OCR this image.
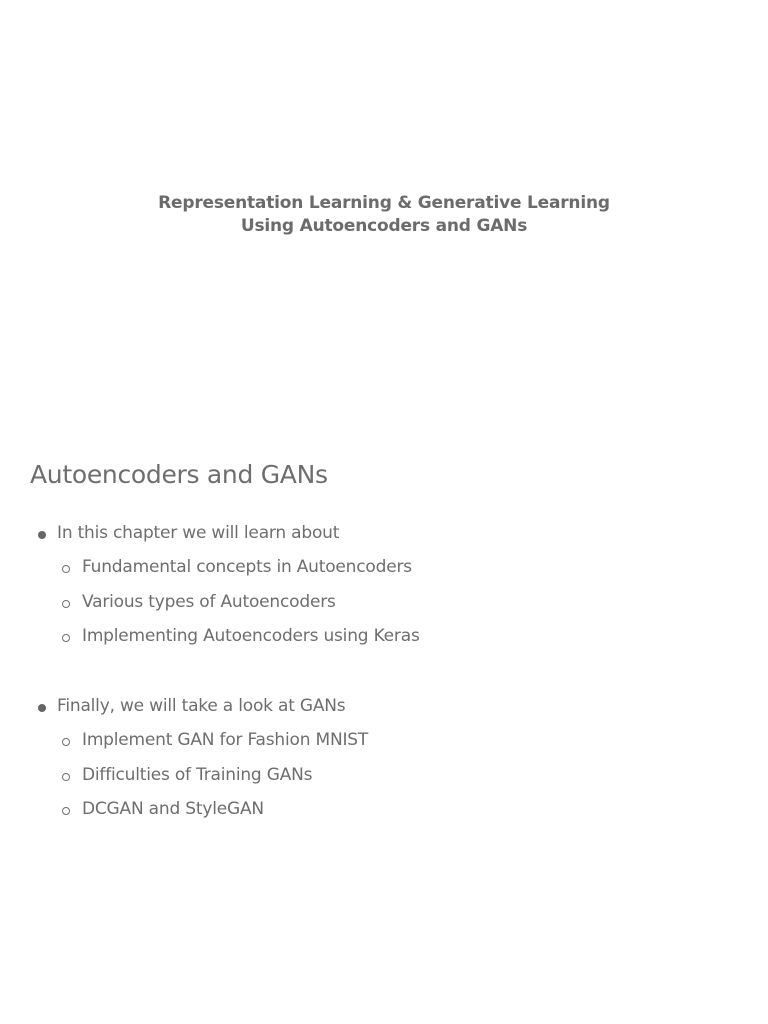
Representation Learning & Generative Learning
Using Autoencoders and GANs
Autoencoders and GANs
In this chapter we will learn about
Fundamental concepts in Autoencoders
Various types of Autoencoders
Implementing Autoencoders using Keras
Finally, we will take a look at GANs
Implement GAN for Fashion MNIST
Difficulties of Training GANs
DCGAN and StyleGAN
